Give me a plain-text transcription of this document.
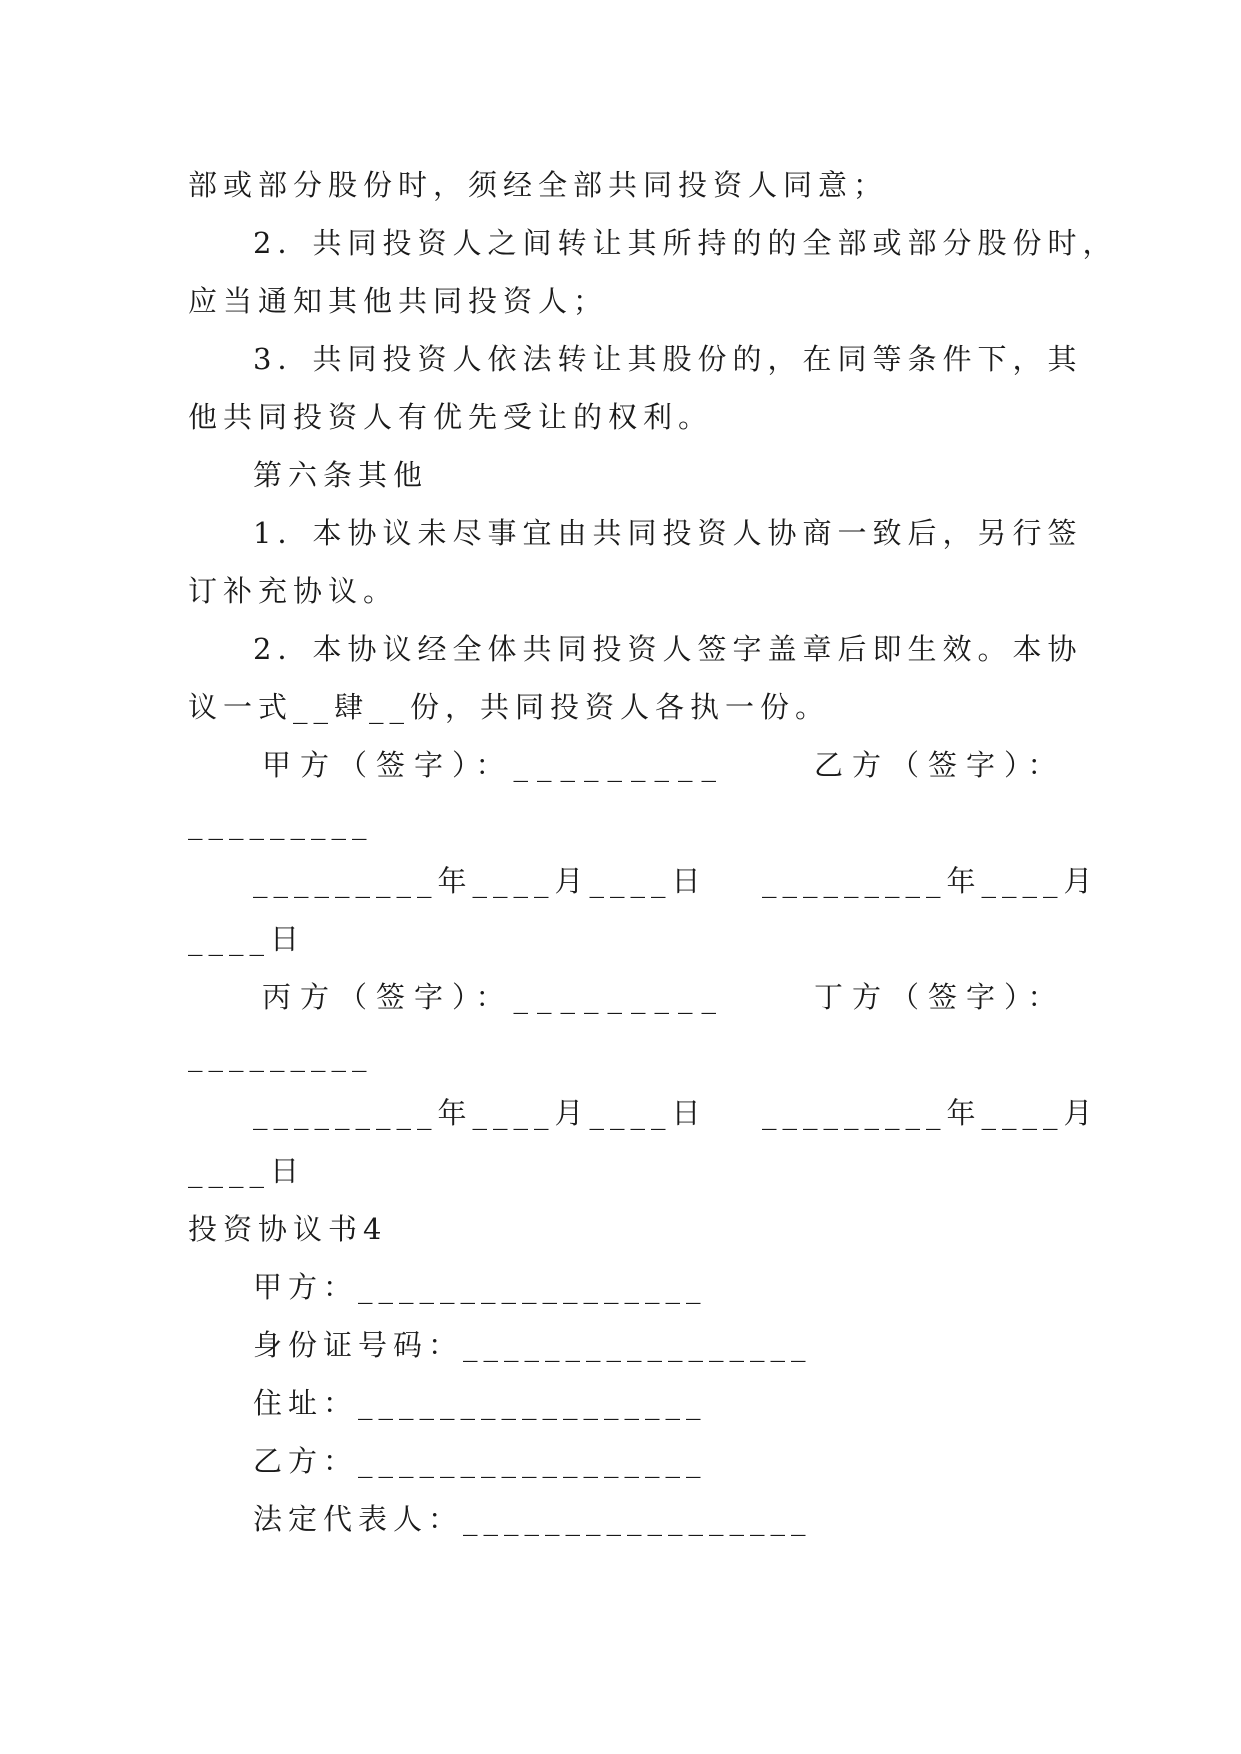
部或部分股份时，须经全部共同投资人同意；
2．共同投资人之间转让其所持的的全部或部分股份时，
应当通知其他共同投资人；
3．共同投资人依法转让其股份的，在同等条件下，其
他共同投资人有优先受让的权利。
第六条其他
1．本协议未尽事宜由共同投资人协商一致后，另行签
订补充协议。
2．本协议经全体共同投资人签字盖章后即生效。本协
议一式__肆__份，共同投资人各执一份。
甲方（签字）：_________	乙方（签字）：
_________
_________年____月____日 _________年____月
____日
丙方（签字）：_________	丁方（签字）：
_________
_________年____月____日 _________年____月
____日
投资协议书4
甲方：_________________
身份证号码：_________________
住址：_________________
乙方：_________________
法定代表人：_________________
